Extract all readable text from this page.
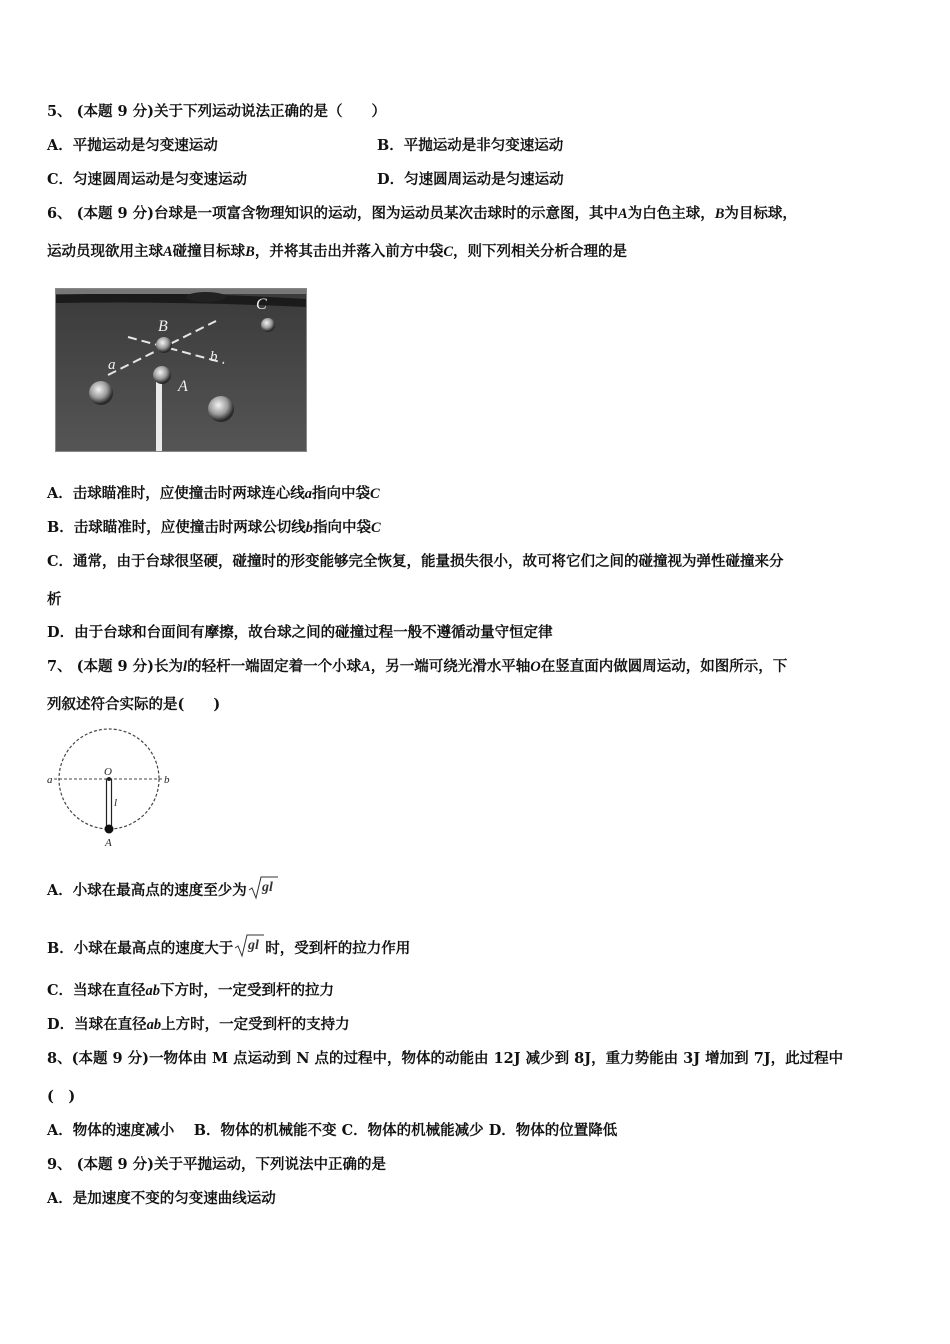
5、 (本题 9 分)关于下列运动说法正确的是（　　）
A．平抛运动是匀变速运动	B．平抛运动是非匀变速运动
C．匀速圆周运动是匀变速运动	D．匀速圆周运动是匀速运动
6、 (本题 9 分)台球是一项富含物理知识的运动，图为运动员某次击球时的示意图，其中A为白色主球，B为目标球，
运动员现欲用主球A碰撞目标球B，并将其击出并落入前方中袋C，则下列相关分析合理的是
B
C
a	b
A
A．击球瞄准时，应使撞击时两球连心线a指向中袋C
B．击球瞄准时，应使撞击时两球公切线b指向中袋C
C．通常，由于台球很坚硬，碰撞时的形变能够完全恢复，能量损失很小，故可将它们之间的碰撞视为弹性碰撞来分
析
D．由于台球和台面间有摩擦，故台球之间的碰撞过程一般不遵循动量守恒定律
7、 (本题 9 分)长为l的轻杆一端固定着一个小球A，另一端可绕光滑水平轴O在竖直面内做圆周运动，如图所示，下
列叙述符合实际的是(　　)
O
a	b
l
A
A．小球在最高点的速度至少为 gl
B．小球在最高点的速度大于 gl 时，受到杆的拉力作用
C．当球在直径ab下方时，一定受到杆的拉力
D．当球在直径ab上方时，一定受到杆的支持力
8、(本题 9 分)一物体由 M 点运动到 N 点的过程中，物体的动能由 12J 减少到 8J，重力势能由 3J 增加到 7J，此过程中
(　)
A．物体的速度减小　 B．物体的机械能不变 C．物体的机械能减少 D．物体的位置降低
9、 (本题 9 分)关于平抛运动，下列说法中正确的是
A．是加速度不变的匀变速曲线运动
